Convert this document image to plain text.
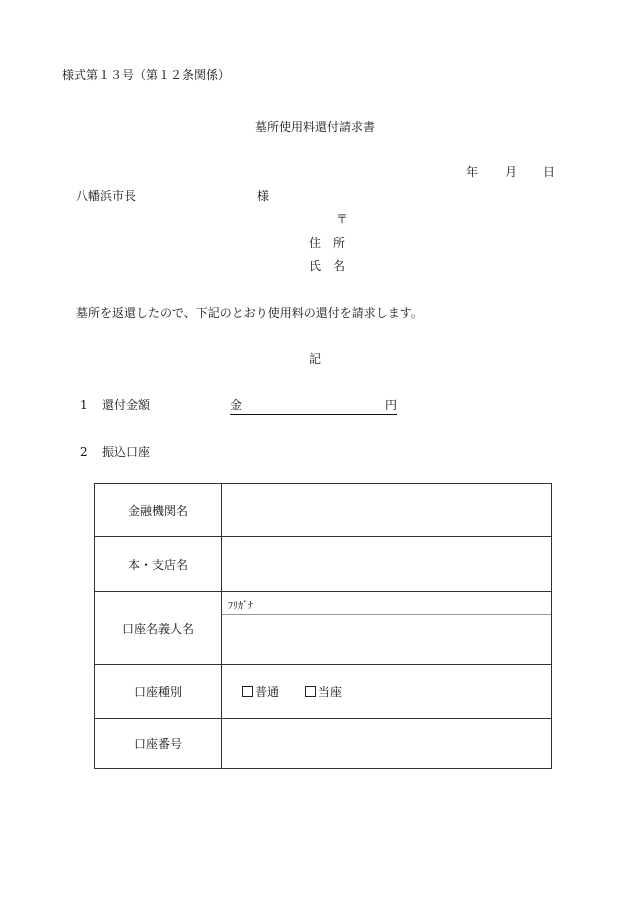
様式第１３号（第１２条関係）
墓所使用料還付請求書
年 月 日
八幡浜市長	様
〒
住　所
氏　名
墓所を返還したので、下記のとおり使用料の還付を請求します。
記
1 還付金額	金	円
2 振込口座
金融機関名	
本・支店名	
口座名義人名	ﾌﾘｶﾞﾅ

口座種別	普通 当座
口座番号	
